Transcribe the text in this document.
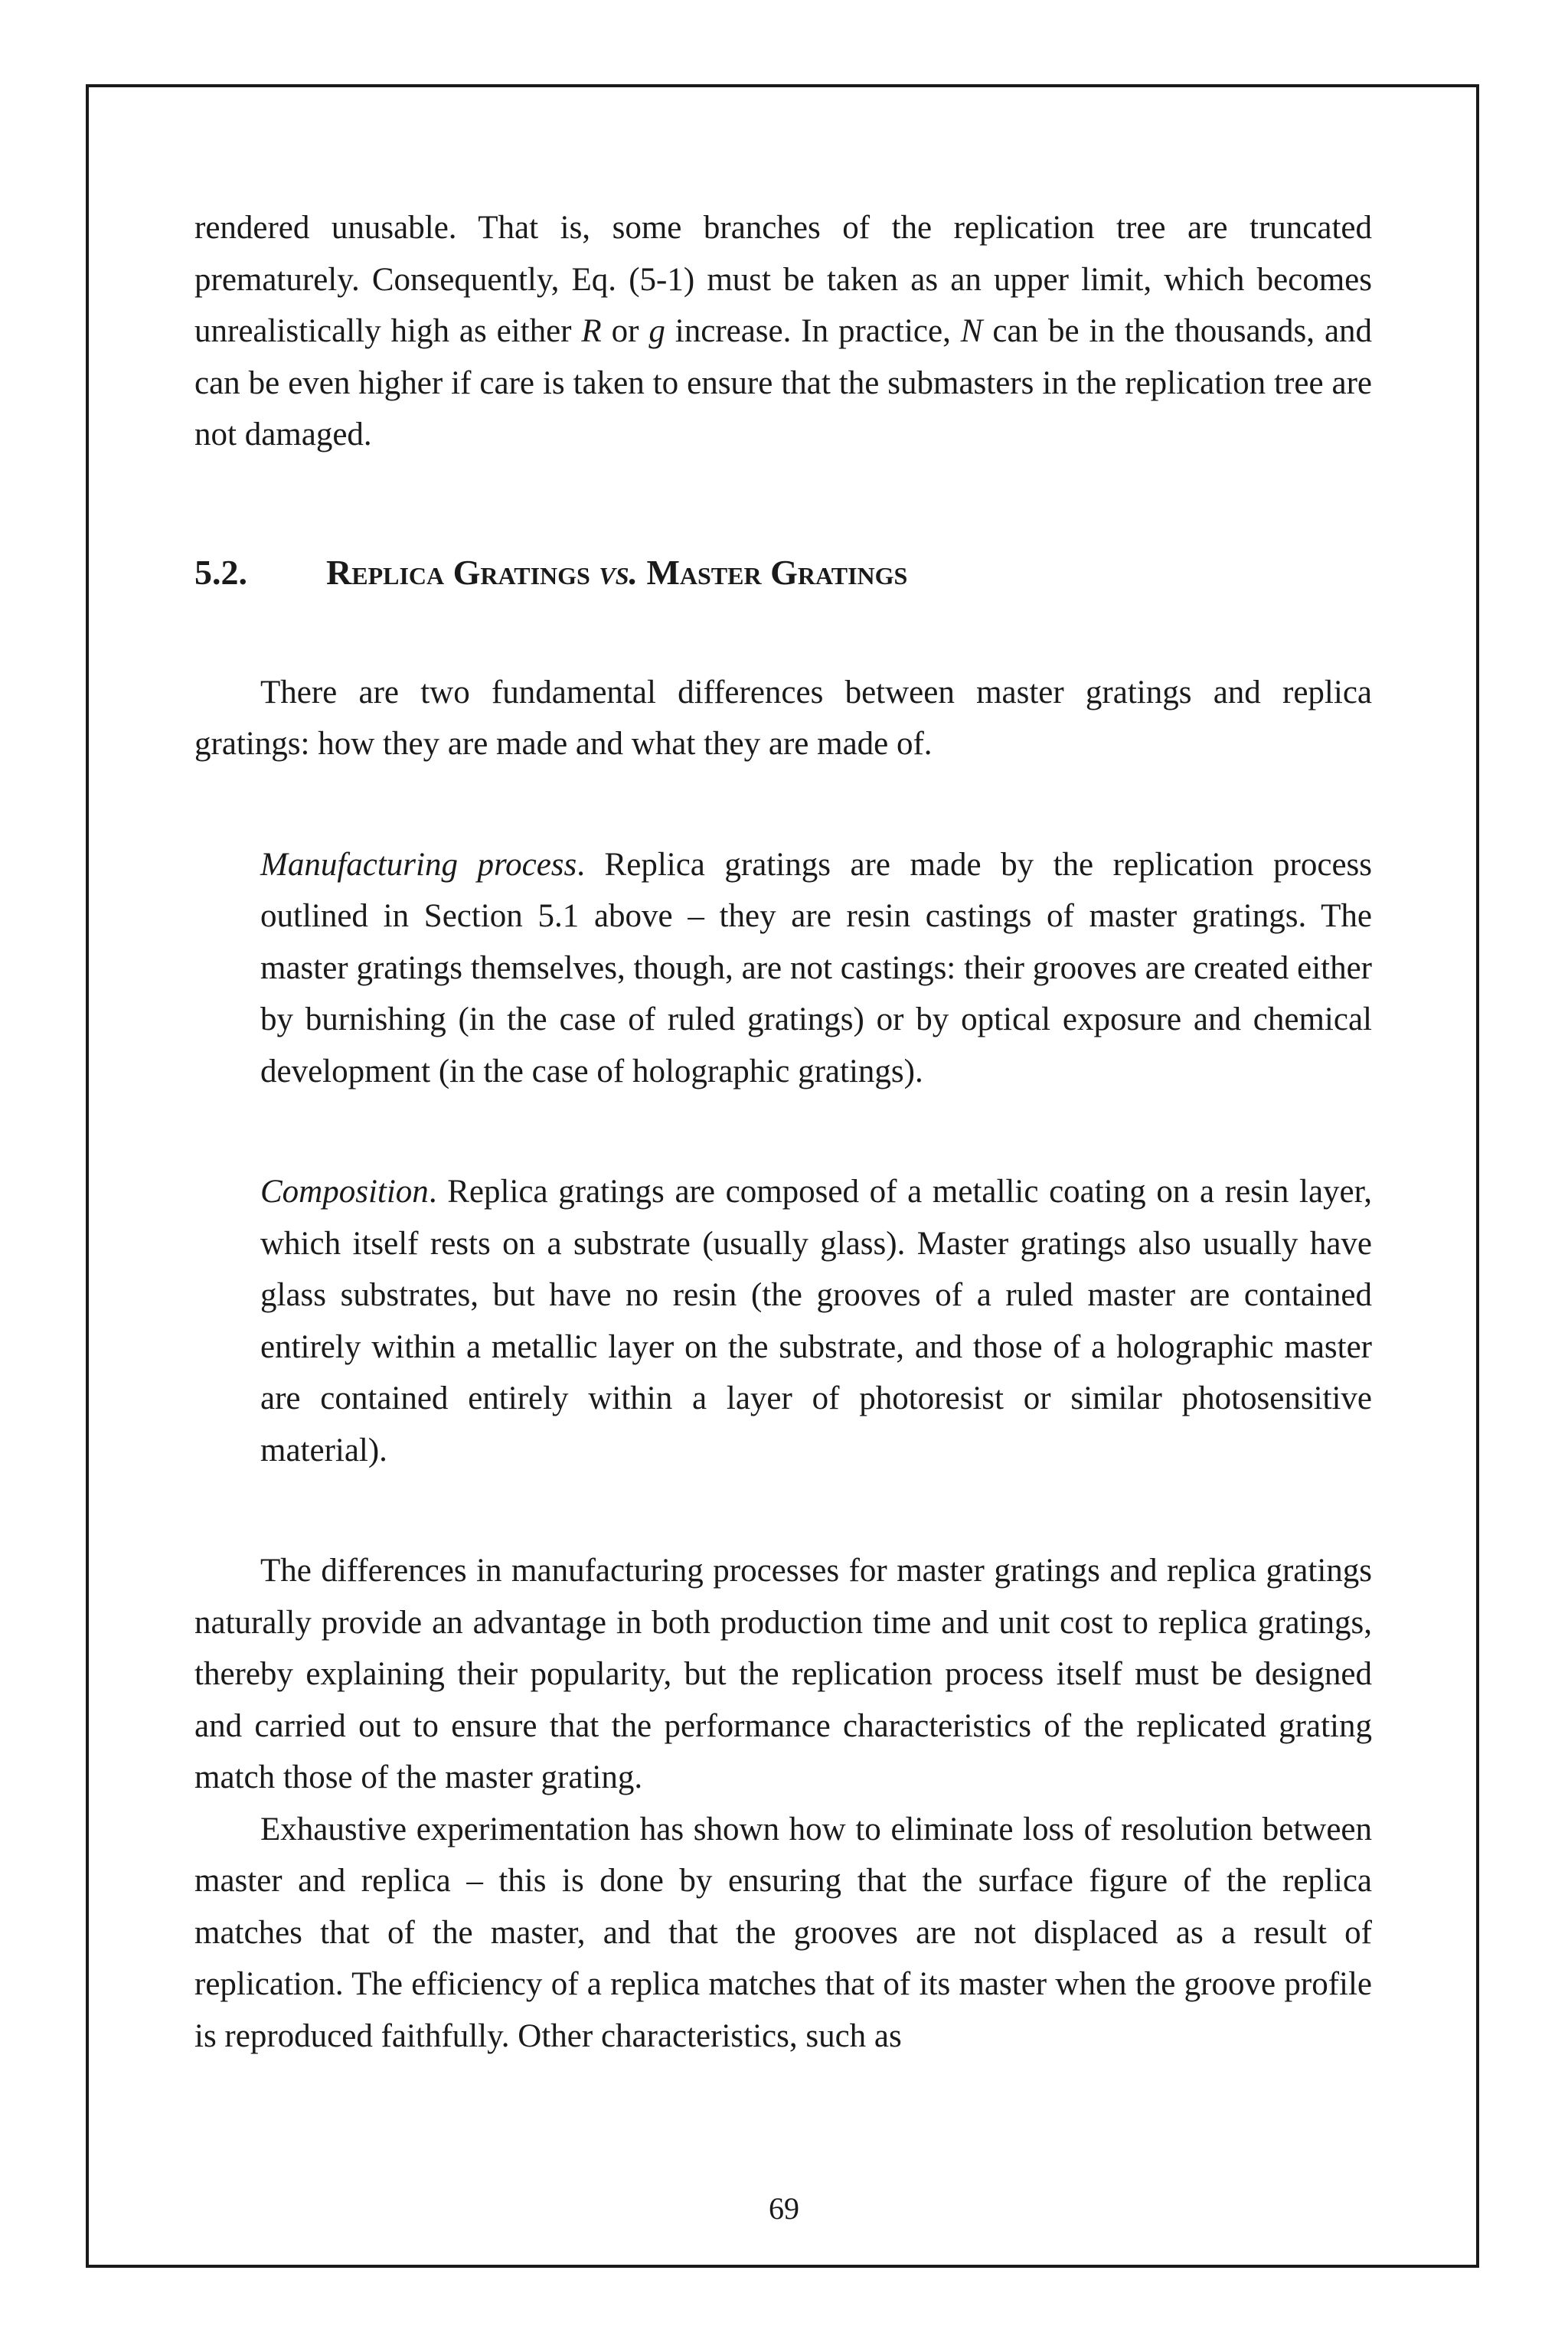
rendered unusable. That is, some branches of the replication tree are truncated prematurely. Consequently, Eq. (5-1) must be taken as an upper limit, which becomes unrealistically high as either R or g increase. In practice, N can be in the thousands, and can be even higher if care is taken to ensure that the submasters in the replication tree are not damaged.

5.2.	Replica Gratings vs. Master Gratings

There are two fundamental differences between master gratings and replica gratings: how they are made and what they are made of.

Manufacturing process. Replica gratings are made by the replication process outlined in Section 5.1 above – they are resin castings of master gratings. The master gratings themselves, though, are not castings: their grooves are created either by burnishing (in the case of ruled gratings) or by optical exposure and chemical development (in the case of holographic gratings).

Composition. Replica gratings are composed of a metallic coating on a resin layer, which itself rests on a substrate (usually glass). Master gratings also usually have glass substrates, but have no resin (the grooves of a ruled master are contained entirely within a metallic layer on the substrate, and those of a holographic master are contained entirely within a layer of photoresist or similar photosensitive material).

The differences in manufacturing processes for master gratings and replica gratings naturally provide an advantage in both production time and unit cost to replica gratings, thereby explaining their popularity, but the replication process itself must be designed and carried out to ensure that the performance characteristics of the replicated grating match those of the master grating.

Exhaustive experimentation has shown how to eliminate loss of resolution between master and replica – this is done by ensuring that the surface figure of the replica matches that of the master, and that the grooves are not displaced as a result of replication. The efficiency of a replica matches that of its master when the groove profile is reproduced faithfully. Other characteristics, such as

69
